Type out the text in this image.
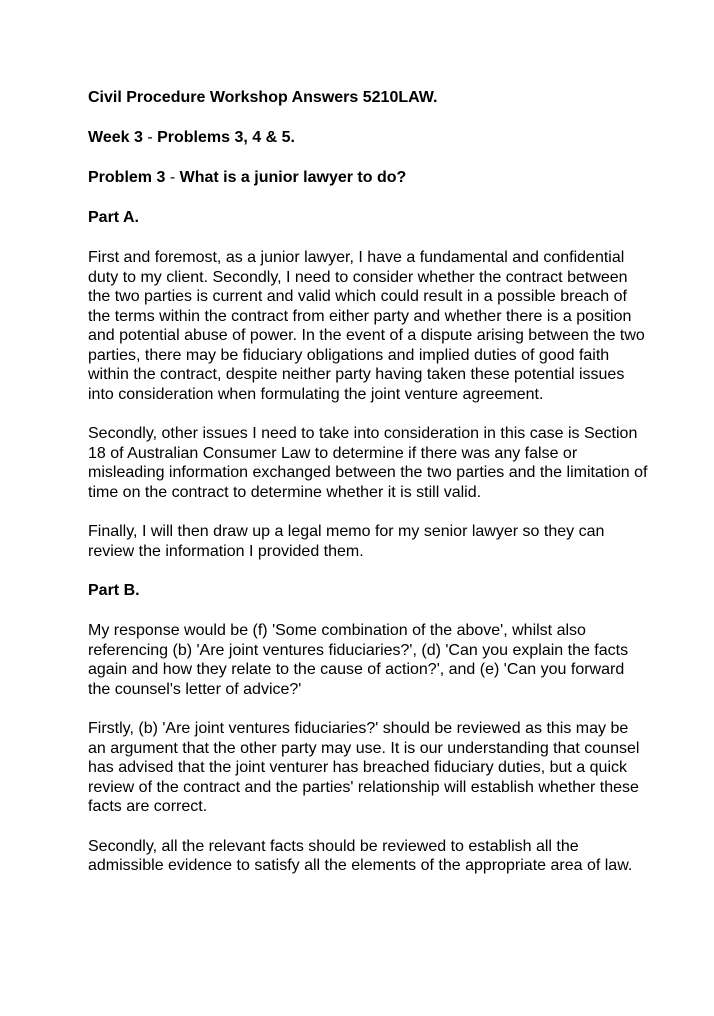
Civil Procedure Workshop Answers 5210LAW.

Week 3 - Problems 3, 4 & 5.

Problem 3 - What is a junior lawyer to do?

Part A.

First and foremost, as a junior lawyer, I have a fundamental and confidential duty to my client. Secondly, I need to consider whether the contract between the two parties is current and valid which could result in a possible breach of the terms within the contract from either party and whether there is a position and potential abuse of power. In the event of a dispute arising between the two parties, there may be fiduciary obligations and implied duties of good faith within the contract, despite neither party having taken these potential issues into consideration when formulating the joint venture agreement.

Secondly, other issues I need to take into consideration in this case is Section 18 of Australian Consumer Law to determine if there was any false or misleading information exchanged between the two parties and the limitation of time on the contract to determine whether it is still valid.

Finally, I will then draw up a legal memo for my senior lawyer so they can review the information I provided them.

Part B.

My response would be (f) 'Some combination of the above', whilst also referencing (b) 'Are joint ventures fiduciaries?', (d) 'Can you explain the facts again and how they relate to the cause of action?', and (e) 'Can you forward the counsel's letter of advice?'

Firstly, (b) 'Are joint ventures fiduciaries?' should be reviewed as this may be an argument that the other party may use. It is our understanding that counsel has advised that the joint venturer has breached fiduciary duties, but a quick review of the contract and the parties' relationship will establish whether these facts are correct.

Secondly, all the relevant facts should be reviewed to establish all the admissible evidence to satisfy all the elements of the appropriate area of law.
